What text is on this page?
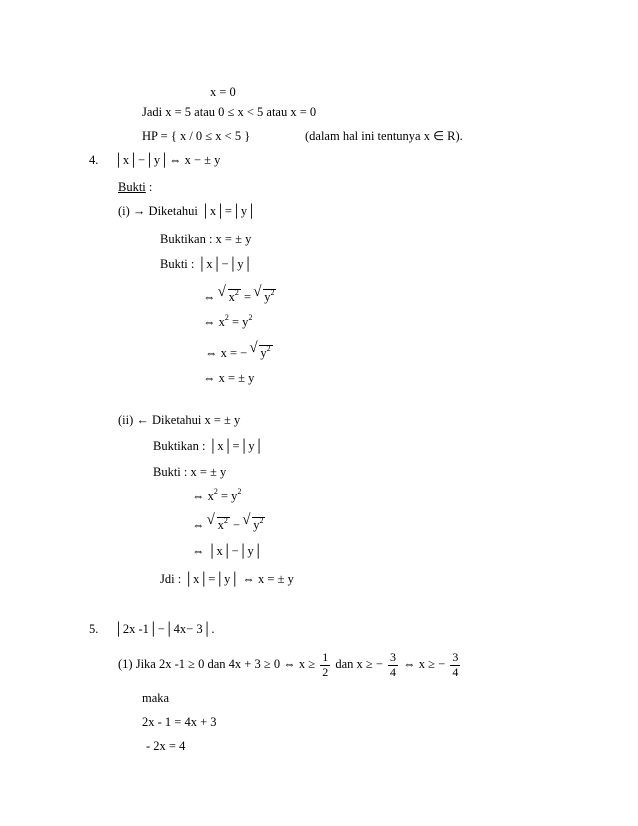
x = 0
Jadi x = 5 atau 0 ≤ x < 5 atau x = 0
HP = { x / 0 ≤ x < 5 }	(dalam hal ini tentunya x ∈ R).
4. │x│−│y│⇔ x − ± y
Bukti :
(i) → Diketahui │x│=│y│
Buktikan : x = ± y
Bukti : │x│−│y│
⇔ √ $x^2$ = √ $y^2$
⇔ $x^2 = y^2$
⇔ x = − √ $y^2$
⇔ x = ± y
(ii) ← Diketahui x = ± y
Buktikan : │x│=│y│
Bukti : x = ± y
⇔ $x^2 = y^2$
⇔ √ $x^2$ − √ $y^2$
⇔ │x│−│y│
Jdi : │x│=│y│ ⇔ x = ± y
5. │2x -1│−│4x− 3│.
(1) Jika 2x -1 ≥ 0 dan 4x + 3 ≥ 0 ⇔ $x \ge \frac{1}{2}$ dan x ≥ − $\frac{3}{4}$ ⇔ x ≥ − $\frac{3}{4}$
maka
2x - 1 = 4x + 3
- 2x = 4
